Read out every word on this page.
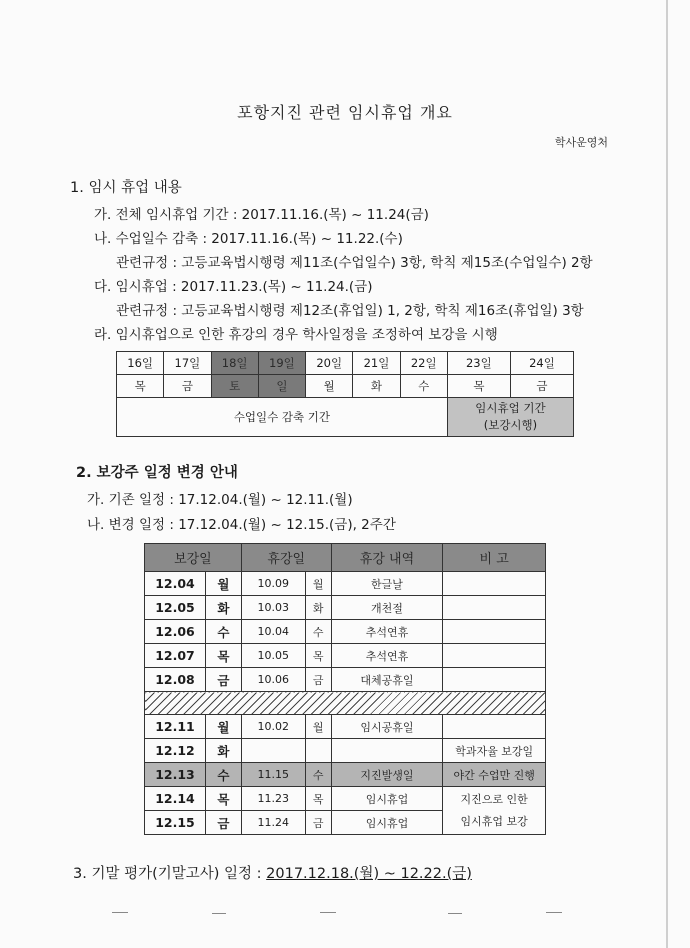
포항지진 관련 임시휴업 개요
학사운영처
1. 임시 휴업 내용
가. 전체 임시휴업 기간 : 2017.11.16.(목) ~ 11.24(금)
나. 수업일수 감축 : 2017.11.16.(목) ~ 11.22.(수)
관련규정 : 고등교육법시행령 제11조(수업일수) 3항, 학칙 제15조(수업일수) 2항
다. 임시휴업 : 2017.11.23.(목) ~ 11.24.(금)
관련규정 : 고등교육법시행령 제12조(휴업일) 1, 2항, 학칙 제16조(휴업일) 3항
라. 임시휴업으로 인한 휴강의 경우 학사일정을 조정하여 보강을 시행
16일	17일	18일	19일	20일	21일	22일	23일	24일
목	금	토	일	월	화	수	목	금
수업일수 감축 기간							임시휴업 기간
(보강시행)	
2. 보강주 일정 변경 안내
가. 기존 일정 : 17.12.04.(월) ~ 12.11.(월)
나. 변경 일정 : 17.12.04.(월) ~ 12.15.(금), 2주간
보강일		휴강일		휴강 내역	비 고
12.04	월	10.09	월	한글날	
12.05	화	10.03	화	개천절	
12.06	수	10.04	수	추석연휴	
12.07	목	10.05	목	추석연휴	
12.08	금	10.06	금	대체공휴일	

12.11	월	10.02	월	임시공휴일	
12.12	화				학과자율 보강일
12.13	수	11.15	수	지진발생일	야간 수업만 진행
12.14	목	11.23	목	임시휴업	지진으로 인한
임시휴업 보강

12.15	금	11.24	금	임시휴업	
3. 기말 평가(기말고사) 일정 : 2017.12.18.(월) ~ 12.22.(금)
